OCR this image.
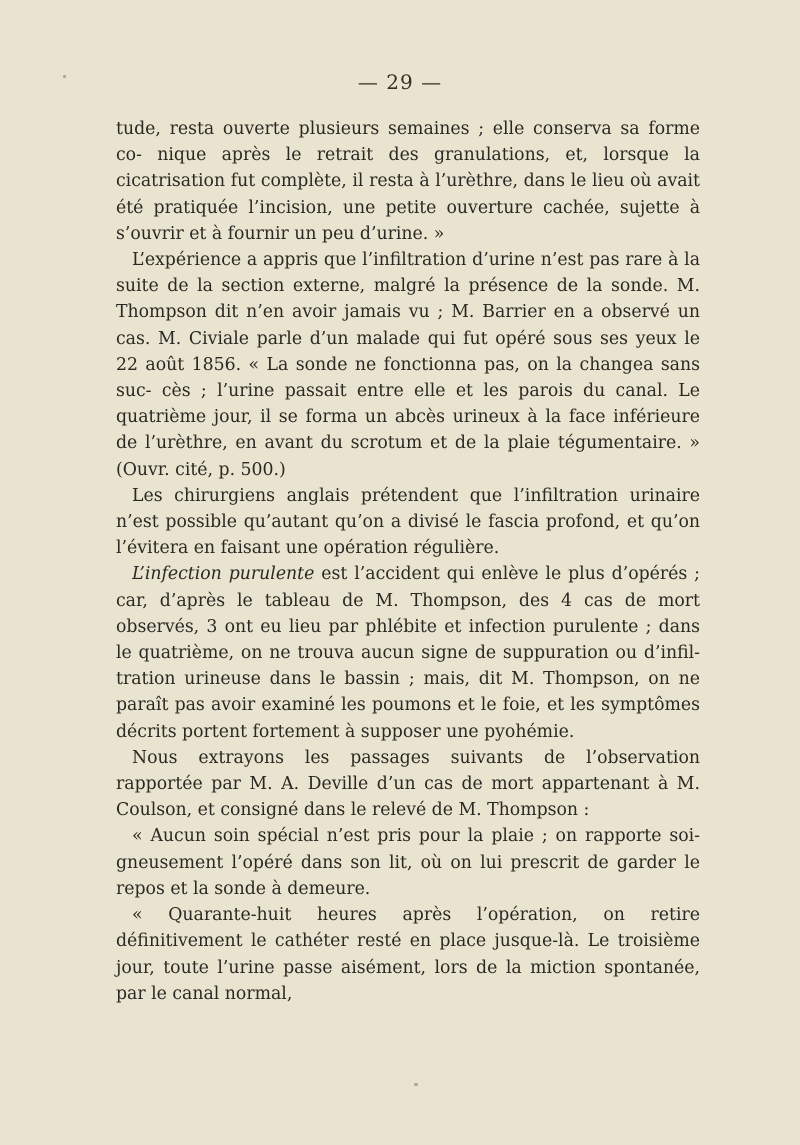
— 29 —

tude, resta ouverte plusieurs semaines ; elle conserva sa forme co- nique après le retrait des granulations, et, lorsque la cicatrisation fut complète, il resta à l’urèthre, dans le lieu où avait été pratiquée l’incision, une petite ouverture cachée, sujette à s’ouvrir et à fournir un peu d’urine. »

L’expérience a appris que l’infiltration d’urine n’est pas rare à la suite de la section externe, malgré la présence de la sonde. M. Thompson dit n’en avoir jamais vu ; M. Barrier en a observé un cas. M. Civiale parle d’un malade qui fut opéré sous ses yeux le 22 août 1856. « La sonde ne fonctionna pas, on la changea sans suc- cès ; l’urine passait entre elle et les parois du canal. Le quatrième jour, il se forma un abcès urineux à la face inférieure de l’urèthre, en avant du scrotum et de la plaie tégumentaire. » (Ouvr. cité, p. 500.)

Les chirurgiens anglais prétendent que l’infiltration urinaire n’est possible qu’autant qu’on a divisé le fascia profond, et qu’on l’évitera en faisant une opération régulière.

L’infection purulente est l’accident qui enlève le plus d’opérés ; car, d’après le tableau de M. Thompson, des 4 cas de mort observés, 3 ont eu lieu par phlébite et infection purulente ; dans le quatrième, on ne trouva aucun signe de suppuration ou d’infil- tration urineuse dans le bassin ; mais, dit M. Thompson, on ne paraît pas avoir examiné les poumons et le foie, et les symptômes décrits portent fortement à supposer une pyohémie.

Nous extrayons les passages suivants de l’observation rapportée par M. A. Deville d’un cas de mort appartenant à M. Coulson, et consigné dans le relevé de M. Thompson :

« Aucun soin spécial n’est pris pour la plaie ; on rapporte soi- gneusement l’opéré dans son lit, où on lui prescrit de garder le repos et la sonde à demeure.

« Quarante-huit heures après l’opération, on retire définitivement le cathéter resté en place jusque-là. Le troisième jour, toute l’urine passe aisément, lors de la miction spontanée, par le canal normal,
